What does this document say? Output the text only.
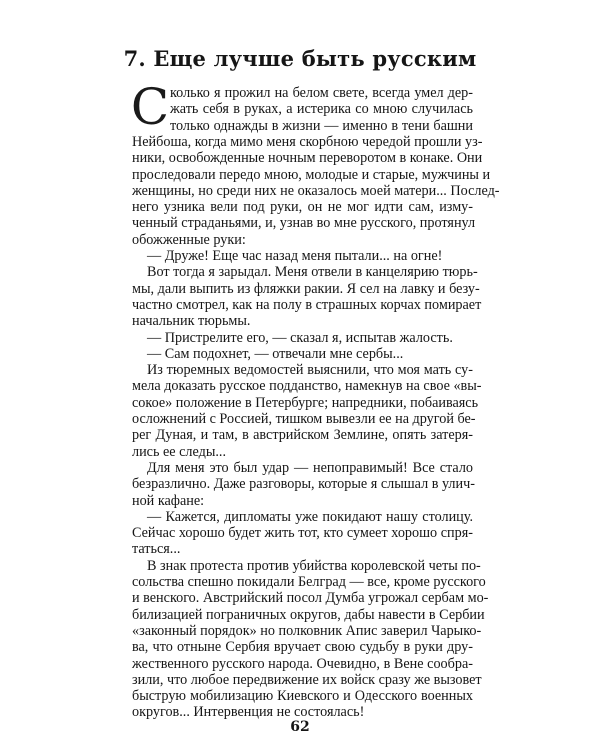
7. Еще лучше быть русским
С колько я прожил на белом свете, всегда умел дер-

жать себя в руках, а истерика со мною случилась

только однажды в жизни — именно в тени башни

Нейбоша, когда мимо меня скорбною чередой прошли уз-

ники, освобожденные ночным переворотом в конаке. Они

проследовали передо мною, молодые и старые, мужчины и

женщины, но среди них не оказалось моей матери... Послед-

него узника вели под руки, он не мог идти сам, изму-

ченный страданьями, и, узнав во мне русского, протянул

обожженные руки:

— Друже! Еще час назад меня пытали... на огне!

Вот тогда я зарыдал. Меня отвели в канцелярию тюрь-

мы, дали выпить из фляжки ракии. Я сел на лавку и безу-

частно смотрел, как на полу в страшных корчах помирает

начальник тюрьмы.

— Пристрелите его, — сказал я, испытав жалость.

— Сам подохнет, — отвечали мне сербы...

Из тюремных ведомостей выяснили, что моя мать су-

мела доказать русское подданство, намекнув на свое «вы-

сокое» положение в Петербурге; напредники, побаиваясь

осложнений с Россией, тишком вывезли ее на другой бе-

рег Дуная, и там, в австрийском Землине, опять затеря-

лись ее следы...

Для меня это был удар — непоправимый! Все стало

безразлично. Даже разговоры, которые я слышал в улич-

ной кафане:

— Кажется, дипломаты уже покидают нашу столицу.

Сейчас хорошо будет жить тот, кто сумеет хорошо спря-

таться...

В знак протеста против убийства королевской четы по-

сольства спешно покидали Белград — все, кроме русского

62

и венского. Австрийский посол Думба угрожал сербам мо-

билизацией пограничных округов, дабы навести в Сербии

«законный порядок» но полковник Апис заверил Чарыко-

ва, что отныне Сербия вручает свою судьбу в руки дру-

жественного русского народа. Очевидно, в Вене сообра-

зили, что любое передвижение их войск сразу же вызовет

быструю мобилизацию Киевского и Одесского военных

округов... Интервенция не состоялась!
